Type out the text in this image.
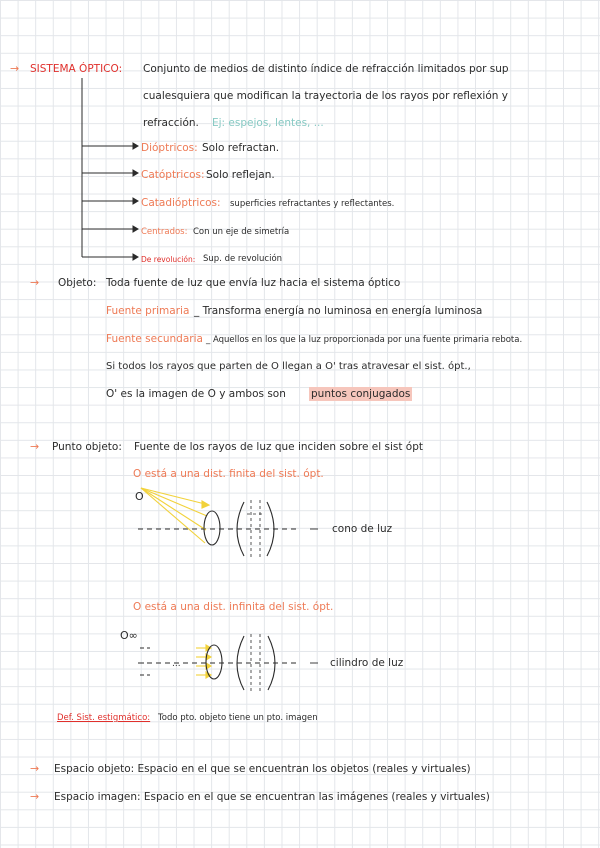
→ SISTEMA ÓPTICO: Conjunto de medios de distinto índice de refracción limitados por sup
cualesquiera que modifican la trayectoria de los rayos por reflexión y
refracción. Ej: espejos, lentes, ...
Dióptricos: Solo refractan.
Catóptricos: Solo reflejan.
Catadióptricos: superficies refractantes y reflectantes.
Centrados: Con un eje de simetría
De revolución: Sup. de revolución
→ Objeto: Toda fuente de luz que envía luz hacia el sistema óptico
Fuente primaria _ Transforma energía no luminosa en energía luminosa
Fuente secundaria _ Aquellos en los que la luz proporcionada por una fuente primaria rebota.
Si todos los rayos que parten de O llegan a O' tras atravesar el sist. ópt.,
O' es la imagen de O y ambos son puntos conjugados
→ Punto objeto: Fuente de los rayos de luz que inciden sobre el sist ópt
O está a una dist. finita del sist. ópt.
O
cono de luz
O está a una dist. infinita del sist. ópt.
O∞
...	cilindro de luz
Def. Sist. estigmático: Todo pto. objeto tiene un pto. imagen
→ Espacio objeto: Espacio en el que se encuentran los objetos (reales y virtuales)
→ Espacio imagen: Espacio en el que se encuentran las imágenes (reales y virtuales)
